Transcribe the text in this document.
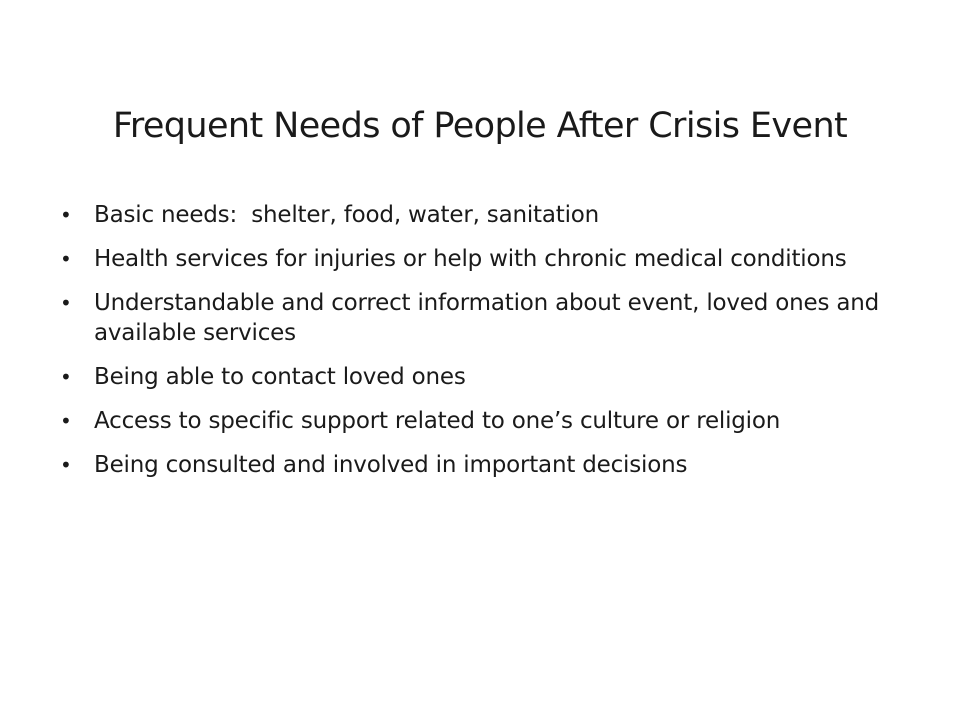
Frequent Needs of People After Crisis Event
• Basic needs:  shelter, food, water, sanitation
• Health services for injuries or help with chronic medical conditions
• Understandable and correct information about event, loved ones and available services
• Being able to contact loved ones
• Access to specific support related to one’s culture or religion
• Being consulted and involved in important decisions
